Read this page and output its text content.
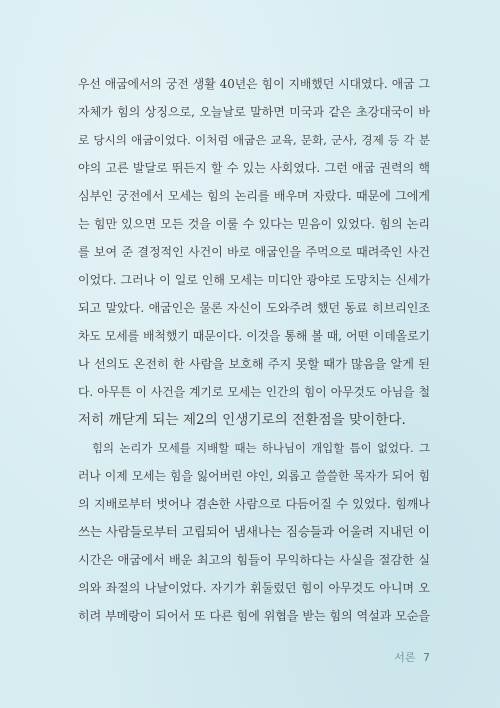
우선 애굽에서의 궁전 생활 40년은 힘이 지배했던 시대였다. 애굽 그
자체가 힘의 상징으로, 오늘날로 말하면 미국과 같은 초강대국이 바
로 당시의 애굽이었다. 이처럼 애굽은 교육, 문화, 군사, 경제 등 각 분
야의 고른 발달로 뛰든지 할 수 있는 사회였다. 그런 애굽 권력의 핵
심부인 궁전에서 모세는 힘의 논리를 배우며 자랐다. 때문에 그에게
는 힘만 있으면 모든 것을 이룰 수 있다는 믿음이 있었다. 힘의 논리
를 보여 준 결정적인 사건이 바로 애굽인을 주먹으로 때려죽인 사건
이었다. 그러나 이 일로 인해 모세는 미디안 광야로 도망치는 신세가
되고 말았다. 애굽인은 물론 자신이 도와주려 했던 동료 히브리인조
차도 모세를 배척했기 때문이다. 이것을 통해 볼 때, 어떤 이데올로기
나 선의도 온전히 한 사람을 보호해 주지 못할 때가 많음을 알게 된
다. 아무튼 이 사건을 계기로 모세는 인간의 힘이 아무것도 아님을 철
저히 깨닫게 되는 제2의 인생기로의 전환점을 맞이한다.
힘의 논리가 모세를 지배할 때는 하나님이 개입할 틈이 없었다. 그
러나 이제 모세는 힘을 잃어버린 야인, 외롭고 쓸쓸한 목자가 되어 힘
의 지배로부터 벗어나 겸손한 사람으로 다듬어질 수 있었다. 힘깨나
쓰는 사람들로부터 고립되어 냄새나는 짐승들과 어울려 지내던 이
시간은 애굽에서 배운 최고의 힘들이 무익하다는 사실을 절감한 실
의와 좌절의 나날이었다. 자기가 휘둘렀던 힘이 아무것도 아니며 오
히려 부메랑이 되어서 또 다른 힘에 위협을 받는 힘의 역설과 모순을
서론 7
